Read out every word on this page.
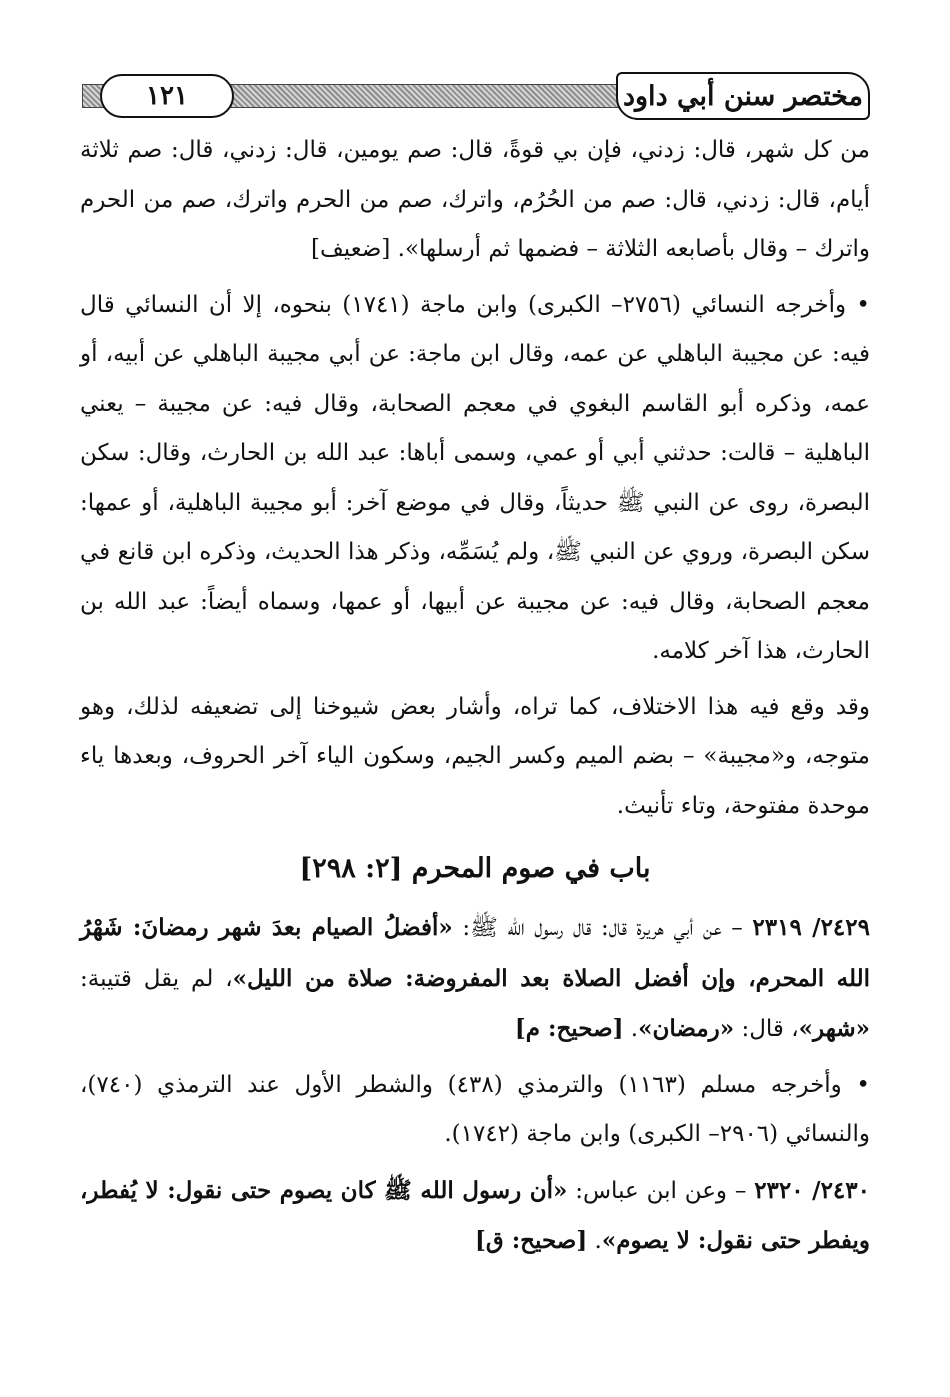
١٢١	مختصر سنن أبي داود

من كل شهر، قال: زدني، فإن بي قوةً، قال: صم يومين، قال: زدني، قال: صم ثلاثة أيام، قال: زدني، قال: صم من الحُرُم، واترك، صم من الحرم واترك، صم من الحرم واترك – وقال بأصابعه الثلاثة – فضمها ثم أرسلها». [ضعيف]

• وأخرجه النسائي (٢٧٥٦– الكبرى) وابن ماجة (١٧٤١) بنحوه، إلا أن النسائي قال فيه: عن مجيبة الباهلي عن عمه، وقال ابن ماجة: عن أبي مجيبة الباهلي عن أبيه، أو عمه، وذكره أبو القاسم البغوي في معجم الصحابة، وقال فيه: عن مجيبة – يعني الباهلية – قالت: حدثني أبي أو عمي، وسمى أباها: عبد الله بن الحارث، وقال: سكن البصرة، روى عن النبي ﷺ حديثاً، وقال في موضع آخر: أبو مجيبة الباهلية، أو عمها: سكن البصرة، وروي عن النبي ﷺ، ولم يُسَمِّه، وذكر هذا الحديث، وذكره ابن قانع في معجم الصحابة، وقال فيه: عن مجيبة عن أبيها، أو عمها، وسماه أيضاً: عبد الله بن الحارث، هذا آخر كلامه.

وقد وقع فيه هذا الاختلاف، كما تراه، وأشار بعض شيوخنا إلى تضعيفه لذلك، وهو متوجه، و«مجيبة» – بضم الميم وكسر الجيم، وسكون الياء آخر الحروف، وبعدها ياء موحدة مفتوحة، وتاء تأنيث.

باب في صوم المحرم [٢: ٢٩٨]

٢٤٢٩/ ٢٣١٩ – عن أبي هريرة قال: قال رسول الله ﷺ: «أفضلُ الصيام بعدَ شهر رمضانَ: شَهْرُ الله المحرم، وإن أفضل الصلاة بعد المفروضة: صلاة من الليل»، لم يقل قتيبة: «شهر»، قال: «رمضان». [صحيح: م]

• وأخرجه مسلم (١١٦٣) والترمذي (٤٣٨) والشطر الأول عند الترمذي (٧٤٠)، والنسائي (٢٩٠٦– الكبرى) وابن ماجة (١٧٤٢).

٢٤٣٠/ ٢٣٢٠ – وعن ابن عباس: «أن رسول الله ﷺ كان يصوم حتى نقول: لا يُفطر، ويفطر حتى نقول: لا يصوم». [صحيح: ق]
